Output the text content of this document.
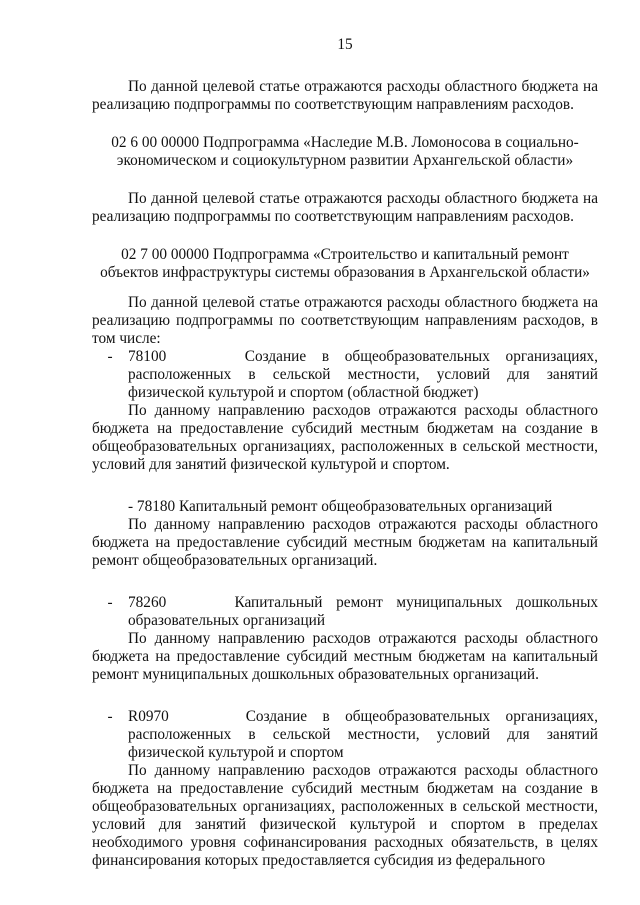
15

По данной целевой статье отражаются расходы областного бюджета на реализацию подпрограммы по соответствующим направлениям расходов.

02 6 00 00000 Подпрограмма «Наследие М.В. Ломоносова в социально-экономическом и социокультурном развитии Архангельской области»

По данной целевой статье отражаются расходы областного бюджета на реализацию подпрограммы по соответствующим направлениям расходов.

02 7 00 00000 Подпрограмма «Строительство и капитальный ремонт объектов инфраструктуры системы образования в Архангельской области»

По данной целевой статье отражаются расходы областного бюджета на реализацию подпрограммы по соответствующим направлениям расходов, в том числе:

-	78100	Создание в общеобразовательных организациях, расположенных в сельской местности, условий для занятий физической культурой и спортом (областной бюджет)

По данному направлению расходов отражаются расходы областного бюджета на предоставление субсидий местным бюджетам на создание в общеобразовательных организациях, расположенных в сельской местности, условий для занятий физической культурой и спортом.

- 78180 Капитальный ремонт общеобразовательных организаций

По данному направлению расходов отражаются расходы областного бюджета на предоставление субсидий местным бюджетам на капитальный ремонт общеобразовательных организаций.

-	78260	Капитальный ремонт муниципальных дошкольных образовательных организаций

По данному направлению расходов отражаются расходы областного бюджета на предоставление субсидий местным бюджетам на капитальный ремонт муниципальных дошкольных образовательных организаций.

-	R0970	Создание в общеобразовательных организациях, расположенных в сельской местности, условий для занятий физической культурой и спортом

По данному направлению расходов отражаются расходы областного бюджета на предоставление субсидий местным бюджетам на создание в общеобразовательных организациях, расположенных в сельской местности, условий для занятий физической культурой и спортом в пределах необходимого уровня софинансирования расходных обязательств, в целях финансирования которых предоставляется субсидия из федерального
